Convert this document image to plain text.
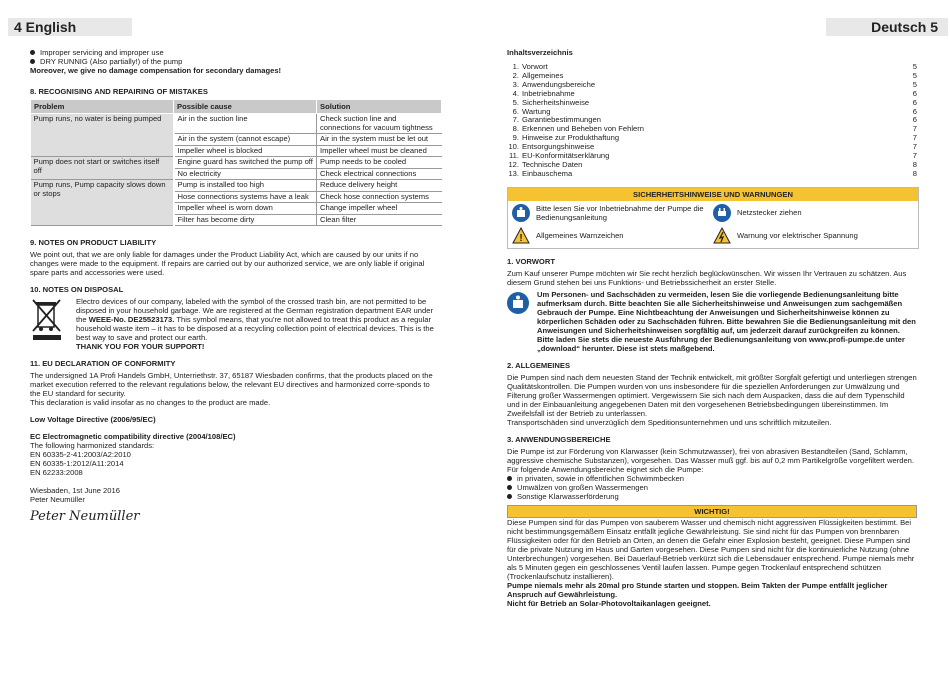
4 English	Deutsch 5
Improper servicing and improper use
DRY RUNNIG (Also partially!) of the pump

Moreover, we give no damage compensation for secondary damages!

8. RECOGNISING AND REPAIRING OF MISTAKES

Problem	Possible cause	Solution
Pump runs, no water is being pumped	Air in the suction line	Check suction line and connections for vacuum tightness
	Air in the system (cannot escape)	Air in the system must be let out
	Impeller wheel is blocked	Impeller wheel must be cleaned
Pump does not start or switches itself off	Engine guard has switched the pump off	Pump needs to be cooled
	No electricity	Check electrical connections
Pump runs, Pump capacity slows down or stops	Pump is installed too high	Reduce delivery height
	Hose connections systems have a leak	Check hose connection systems
	Impeller wheel is worn down	Change impeller wheel
	Filter has become dirty	Clean filter

9. NOTES ON PRODUCT LIABILITY

We point out, that we are only liable for damages under the Product Liability Act, which are caused by our units if no changes were made to the equipment. If repairs are carried out by our authorized service, we are only liable if original spare parts and accessories were used.

10. NOTES ON DISPOSAL

Electro devices of our company, labeled with the symbol of the crossed trash bin, are not permitted to be disposed in your household garbage. We are registered at the German registration department EAR under the WEEE-No. DE25523173. This symbol means, that you're not allowed to treat this product as a regular household waste item – it has to be disposed at a recycling collection point of electrical devices. This is the best way to save and protect our earth.

THANK YOU FOR YOUR SUPPORT!

11. EU DECLARATION OF CONFORMITY

The undersigned 1A Profi Handels GmbH, Unterriethstr. 37, 65187 Wiesbaden confirms, that the products placed on the market execution referred to the relevant regulations below, the relevant EU directives and harmonized corre-sponds to the EU standard for security.

This declaration is valid insofar as no changes to the product are made.

Low Voltage Directive (2006/95/EC)

EC Electromagnetic compatibility directive (2004/108/EC)

The following harmonized standards:

EN 60335-2-41:2003/A2:2010

EN 60335-1:2012/A11:2014

EN 62233:2008

Wiesbaden, 1st June 2016

Peter Neumüller

Peter Neumüller

Inhaltsverzeichnis

1. Vorwort	5
2. Allgemeines	5
3. Anwendungsbereiche	5
4. Inbetriebnahme	6
5. Sicherheitshinweise	6
6. Wartung	6
7. Garantiebestimmungen	6
8. Erkennen und Beheben von Fehlern	7
9. Hinweise zur Produkthaftung	7
10. Entsorgungshinweise	7
11. EU-Konformitätserklärung	7
12. Technische Daten	8
13. Einbauschema	8
SICHERHEITSHINWEISE UND WARNUNGEN
Bitte lesen Sie vor Inbetriebnahme der Pumpe die Bedienungsanleitung	Netzstecker ziehen
! Allgemeines Warnzeichen	Warnung vor elektrischer Spannung

1. VORWORT

Zum Kauf unserer Pumpe möchten wir Sie recht herzlich beglückwünschen. Wir wissen Ihr Vertrauen zu schätzen. Aus diesem Grund stehen bei uns Funktions- und Betriebssicherheit an erster Stelle.

Um Personen- und Sachschäden zu vermeiden, lesen Sie die vorliegende Bedienungsanleitung bitte aufmerksam durch. Bitte beachten Sie alle Sicherheitshinweise und Anweisungen zum sachgemäßen Gebrauch der Pumpe. Eine Nichtbeachtung der Anweisungen und Sicherheitshinweise können zu körperlichen Schäden oder zu Sachschäden führen. Bitte bewahren Sie die Bedienungsanleitung mit den Anweisungen und Sicherheitshinweisen sorgfältig auf, um jederzeit darauf zurückgreifen zu können. Bitte laden Sie stets die neueste Ausführung der Bedienungsanleitung von www.profi-pumpe.de unter „download“ herunter. Diese ist stets maßgebend.

2. ALLGEMEINES

Die Pumpen sind nach dem neuesten Stand der Technik entwickelt, mit größter Sorgfalt gefertigt und unterliegen strengen Qualitätskontrollen. Die Pumpen wurden von uns insbesondere für die speziellen Anforderungen zur Umwälzung und Filterung großer Wassermengen optimiert. Vergewissern Sie sich nach dem Auspacken, dass die auf dem Typenschild und in der Einbauanleitung angegebenen Daten mit den vorgesehenen Betriebsbedingungen übereinstimmen. Im Zweifelsfall ist der Betrieb zu unterlassen.

Transportschäden sind unverzüglich dem Speditionsunternehmen und uns schriftlich mitzuteilen.

3. ANWENDUNGSBEREICHE

Die Pumpe ist zur Förderung von Klarwasser (kein Schmutzwasser), frei von abrasiven Bestandteilen (Sand, Schlamm, aggressive chemische Substanzen), vorgesehen. Das Wasser muß ggf. bis auf 0,2 mm Partikelgröße vorgefiltert werden. Für folgende Anwendungsbereiche eignet sich die Pumpe:

in privaten, sowie in öffentlichen Schwimmbecken
Umwälzen von großen Wassermengen
Sonstige Klarwasserförderung
WICHTIG!

Diese Pumpen sind für das Pumpen von sauberem Wasser und chemisch nicht aggressiven Flüssigkeiten bestimmt. Bei nicht bestimmungsgemäßem Einsatz entfällt jegliche Gewährleistung. Sie sind nicht für das Pumpen von brennbaren Flüssigkeiten oder für den Betrieb an Orten, an denen die Gefahr einer Explosion besteht, geeignet. Diese Pumpen sind für die private Nutzung im Haus und Garten vorgesehen. Diese Pumpen sind nicht für die kontinuierliche Nutzung (ohne Unterbrechungen) vorgesehen. Bei Dauerlauf-Betrieb verkürzt sich die Lebensdauer entsprechend. Pumpe niemals mehr als 5 Minuten gegen ein geschlossenes Ventil laufen lassen. Pumpe gegen Trockenlauf entsprechend schützen (Trockenlaufschutz installieren).

Pumpe niemals mehr als 20mal pro Stunde starten und stoppen. Beim Takten der Pumpe entfällt jeglicher Anspruch auf Gewährleistung.

Nicht für Betrieb an Solar-Photovoltaikanlagen geeignet.
